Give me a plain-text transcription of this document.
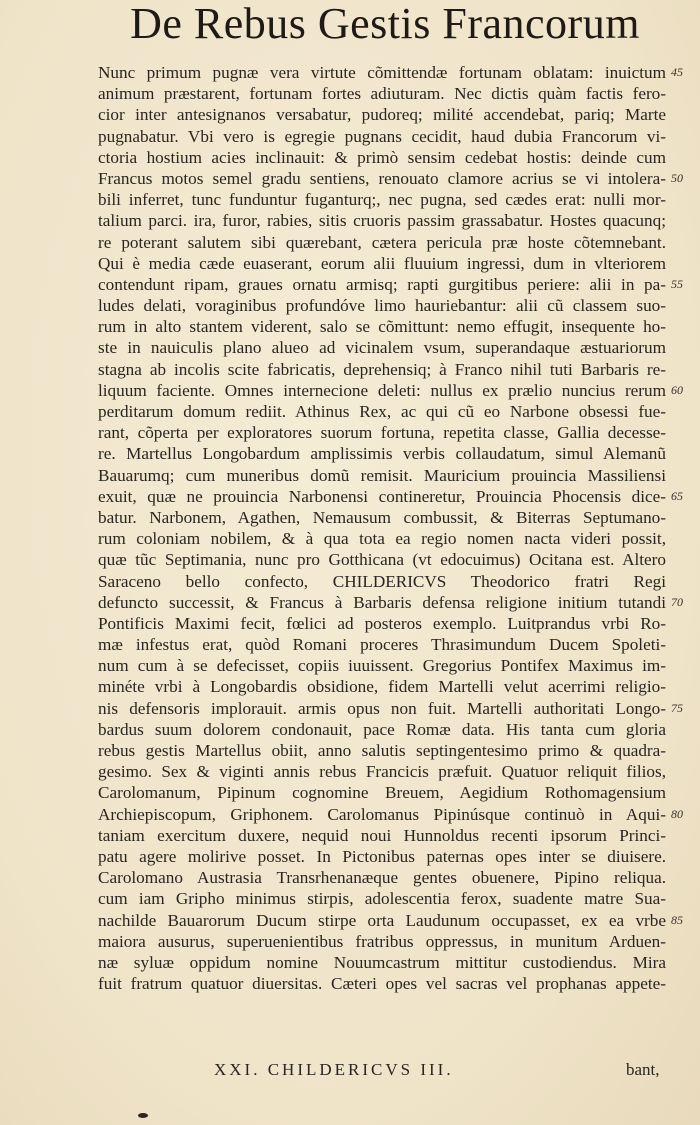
De Rebus Gestis Francorum
Nunc primum pugnæ vera virtute cõmittendæ fortunam oblatam: inuictum
animum præstarent, fortunam fortes adiuturam. Nec dictis quàm factis fero-
cior inter antesignanos versabatur, pudoreq; milité accendebat, pariq; Marte
pugnabatur. Vbi vero is egregie pugnans cecidit, haud dubia Francorum vi-
ctoria hostium acies inclinauit: & primò sensim cedebat hostis: deinde cum
Francus motos semel gradu sentiens, renouato clamore acrius se vi intolera-
bili inferret, tunc funduntur fuganturq;, nec pugna, sed cædes erat: nulli mor-
talium parci. ira, furor, rabies, sitis cruoris passim grassabatur. Hostes quacunq;
re poterant salutem sibi quærebant, cætera pericula præ hoste cõtemnebant.
Qui è media cæde euaserant, eorum alii fluuium ingressi, dum in vlteriorem
contendunt ripam, graues ornatu armisq; rapti gurgitibus periere: alii in pa-
ludes delati, voraginibus profundóve limo hauriebantur: alii cũ classem suo-
rum in alto stantem viderent, salo se cõmittunt: nemo effugit, insequente ho-
ste in nauiculis plano alueo ad vicinalem vsum, superandaque æstuariorum
stagna ab incolis scite fabricatis, deprehensiq; à Franco nihil tuti Barbaris re-
liquum faciente. Omnes internecione deleti: nullus ex prælio nuncius rerum
perditarum domum rediit. Athinus Rex, ac qui cũ eo Narbone obsessi fue-
rant, cõperta per exploratores suorum fortuna, repetita classe, Gallia decesse-
re. Martellus Longobardum amplissimis verbis collaudatum, simul Alemanũ
Bauarumq; cum muneribus domũ remisit. Mauricium prouincia Massiliensi
exuit, quæ ne prouincia Narbonensi contineretur, Prouincia Phocensis dice-
batur. Narbonem, Agathen, Nemausum combussit, & Biterras Septumano-
rum coloniam nobilem, & à qua tota ea regio nomen nacta videri possit,
quæ tũc Septimania, nunc pro Gotthicana (vt edocuimus) Ocitana est. Altero
Saraceno bello confecto, CHILDERICVS Theodorico fratri Regi
defuncto successit, & Francus à Barbaris defensa religione initium tutandi
Pontificis Maximi fecit, fœlici ad posteros exemplo. Luitprandus vrbi Ro-
mæ infestus erat, quòd Romani proceres Thrasimundum Ducem Spoleti-
num cum à se defecisset, copiis iuuissent. Gregorius Pontifex Maximus im-
minéte vrbi à Longobardis obsidione, fidem Martelli velut acerrimi religio-
nis defensoris implorauit. armis opus non fuit. Martelli authoritati Longo-
bardus suum dolorem condonauit, pace Romæ data. His tanta cum gloria
rebus gestis Martellus obiit, anno salutis septingentesimo primo & quadra-
gesimo. Sex & viginti annis rebus Francicis præfuit. Quatuor reliquit filios,
Carolomanum, Pipinum cognomine Breuem, Aegidium Rothomagensium
Archiepiscopum, Griphonem. Carolomanus Pipinúsque continuò in Aqui-
taniam exercitum duxere, nequid noui Hunnoldus recenti ipsorum Princi-
patu agere molirive posset. In Pictonibus paternas opes inter se diuisere.
Carolomano Austrasia Transrhenanæque gentes obuenere, Pipino reliqua.
cum iam Gripho minimus stirpis, adolescentia ferox, suadente matre Sua-
nachilde Bauarorum Ducum stirpe orta Laudunum occupasset, ex ea vrbe
maiora ausurus, superuenientibus fratribus oppressus, in munitum Arduen-
næ syluæ oppidum nomine Nouumcastrum mittitur custodiendus. Mira
fuit fratrum quatuor diuersitas. Cæteri opes vel sacras vel prophanas appete-
45
50
55
60
65
70
75
80
85
XXI. CHILDERICVS III.	bant,
